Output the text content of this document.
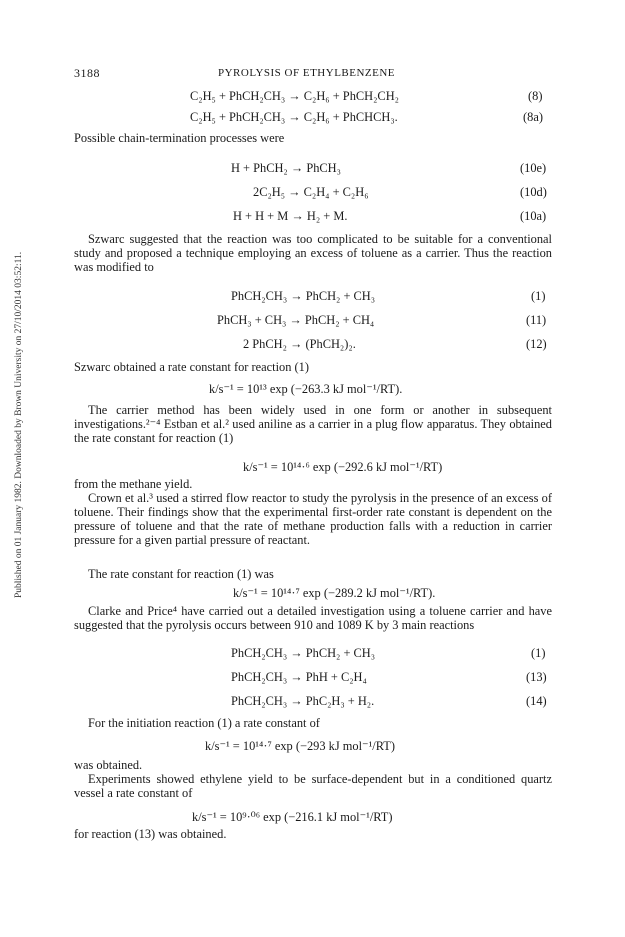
Published on 01 January 1982. Downloaded by Brown University on 27/10/2014 03:52:11.
3188	PYROLYSIS OF ETHYLBENZENE
C₂H₅ + PhCH₂CH₃ → C₂H₆ + PhCH₂CH₂	(8)
C₂H₅ + PhCH₂CH₃ → C₂H₆ + PhCHCH₃.	(8a)
Possible chain-termination processes were
H + PhCH₂ → PhCH₃	(10e)
2C₂H₅ → C₂H₄ + C₂H₆	(10d)
H + H + M → H₂ + M.	(10a)
Szwarc suggested that the reaction was too complicated to be suitable for a conventional study and proposed a technique employing an excess of toluene as a carrier. Thus the reaction was modified to
PhCH₂CH₃ → PhCH₂ + CH₃	(1)
PhCH₃ + CH₃ → PhCH₂ + CH₄	(11)
2 PhCH₂ → (PhCH₂)₂.	(12)
Szwarc obtained a rate constant for reaction (1)
k/s⁻¹ = 10¹³ exp (−263.3 kJ mol⁻¹/RT).
The carrier method has been widely used in one form or another in subsequent investigations.²⁻⁴ Estban et al.² used aniline as a carrier in a plug flow apparatus. They obtained the rate constant for reaction (1)
k/s⁻¹ = 10¹⁴·⁶ exp (−292.6 kJ mol⁻¹/RT)
from the methane yield.
Crown et al.³ used a stirred flow reactor to study the pyrolysis in the presence of an excess of toluene. Their findings show that the experimental first-order rate constant is dependent on the pressure of toluene and that the rate of methane production falls with a reduction in carrier pressure for a given partial pressure of reactant.
The rate constant for reaction (1) was
k/s⁻¹ = 10¹⁴·⁷ exp (−289.2 kJ mol⁻¹/RT).
Clarke and Price⁴ have carried out a detailed investigation using a toluene carrier and have suggested that the pyrolysis occurs between 910 and 1089 K by 3 main reactions
PhCH₂CH₃ → PhCH₂ + CH₃	(1)
PhCH₂CH₃ → PhH + C₂H₄	(13)
PhCH₂CH₃ → PhC₂H₃ + H₂.	(14)
For the initiation reaction (1) a rate constant of
k/s⁻¹ = 10¹⁴·⁷ exp (−293 kJ mol⁻¹/RT)
was obtained.
Experiments showed ethylene yield to be surface-dependent but in a conditioned quartz vessel a rate constant of
k/s⁻¹ = 10⁹·⁰⁶ exp (−216.1 kJ mol⁻¹/RT)
for reaction (13) was obtained.
